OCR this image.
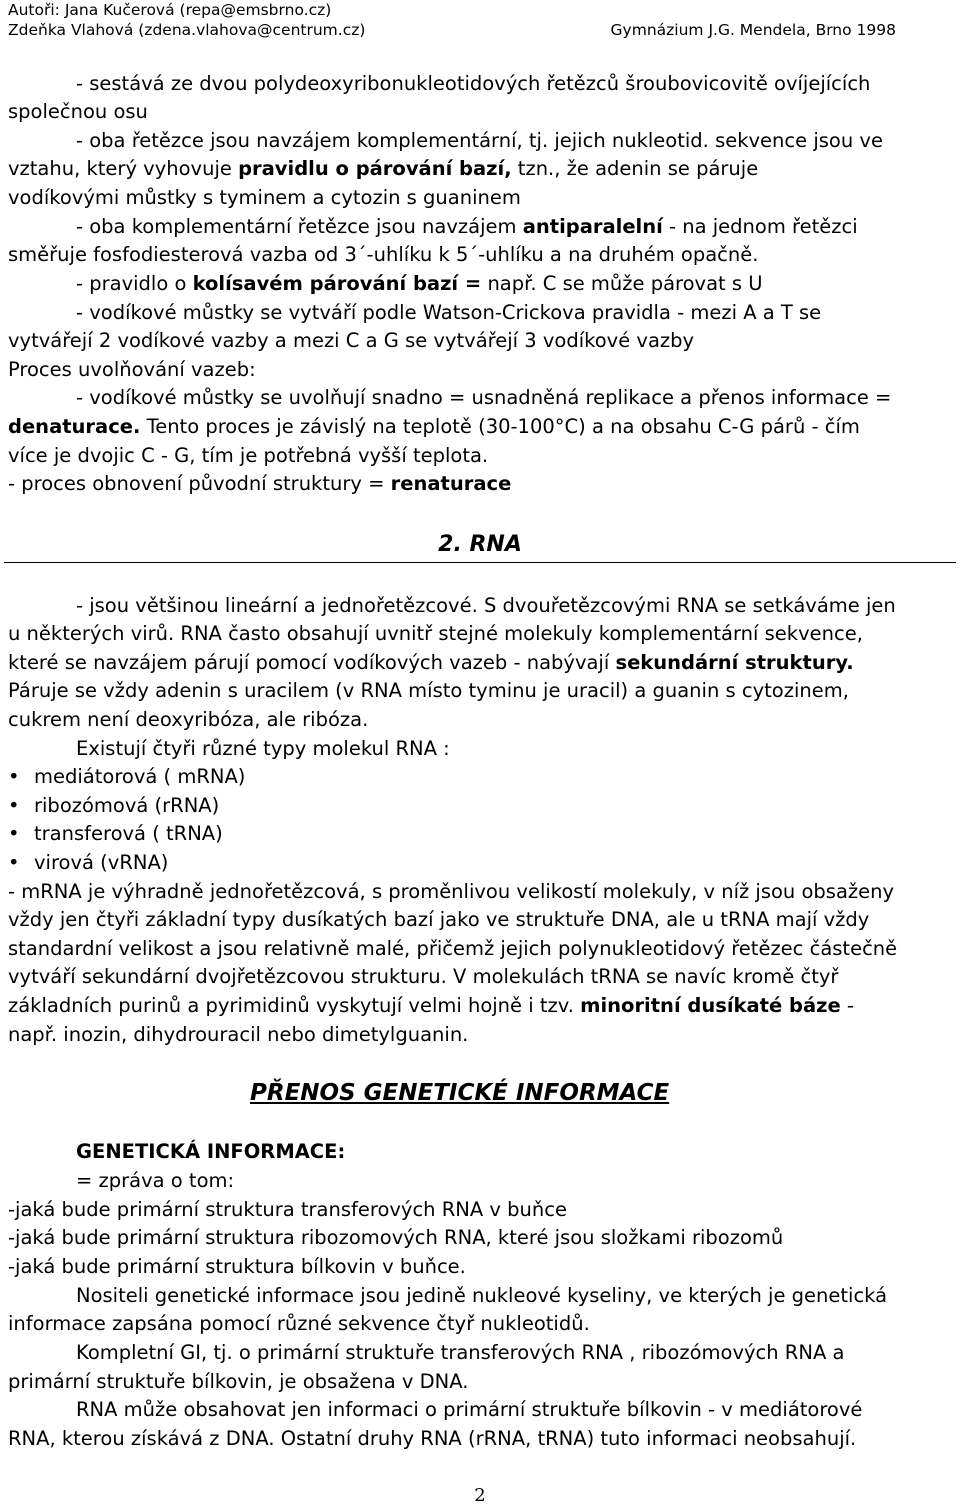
Autoři: Jana Kučerová (repa@emsbrno.cz)
Zdeňka Vlahová (zdena.vlahova@centrum.cz)	Gymnázium J.G. Mendela, Brno 1998
- sestává ze dvou polydeoxyribonukleotidových řetězců šroubovicovitě ovíjejících
společnou osu
- oba řetězce jsou navzájem komplementární, tj. jejich nukleotid. sekvence jsou ve
vztahu, který vyhovuje pravidlu o párování bazí, tzn., že adenin se páruje
vodíkovými můstky s tyminem a cytozin s guaninem
- oba komplementární řetězce jsou navzájem antiparalelní - na jednom řetězci
směřuje fosfodiesterová vazba od 3´-uhlíku k 5´-uhlíku a na druhém opačně.
- pravidlo o kolísavém párování bazí = např. C se může párovat s U
- vodíkové můstky se vytváří podle Watson-Crickova pravidla - mezi A a T se
vytvářejí 2 vodíkové vazby a mezi C a G se vytvářejí 3 vodíkové vazby
Proces uvolňování vazeb:
- vodíkové můstky se uvolňují snadno = usnadněná replikace a přenos informace =
denaturace. Tento proces je závislý na teplotě (30-100°C) a na obsahu C-G párů - čím
více je dvojic C - G, tím je potřebná vyšší teplota.
- proces obnovení původní struktury = renaturace
2. RNA
- jsou většinou lineární a jednořetězcové. S dvouřetězcovými RNA se setkáváme jen
u některých virů. RNA často obsahují uvnitř stejné molekuly komplementární sekvence,
které se navzájem párují pomocí vodíkových vazeb - nabývají sekundární struktury.
Páruje se vždy adenin s uracilem (v RNA místo tyminu je uracil) a guanin s cytozinem,
cukrem není deoxyribóza, ale ribóza.
Existují čtyři různé typy molekul RNA :
• mediátorová ( mRNA)
• ribozómová (rRNA)
• transferová ( tRNA)
• virová (vRNA)
- mRNA je výhradně jednořetězcová, s proměnlivou velikostí molekuly, v níž jsou obsaženy
vždy jen čtyři základní typy dusíkatých bazí jako ve struktuře DNA, ale u tRNA mají vždy
standardní velikost a jsou relativně malé, přičemž jejich polynukleotidový řetězec částečně
vytváří sekundární dvojřetězcovou strukturu. V molekulách tRNA se navíc kromě čtyř
základních purinů a pyrimidinů vyskytují velmi hojně i tzv. minoritní dusíkaté báze -
např. inozin, dihydrouracil nebo dimetylguanin.
PŘENOS GENETICKÉ INFORMACE
GENETICKÁ INFORMACE:
= zpráva o tom:
-jaká bude primární struktura transferových RNA v buňce
-jaká bude primární struktura ribozomových RNA, které jsou složkami ribozomů
-jaká bude primární struktura bílkovin v buňce.
Nositeli genetické informace jsou jedině nukleové kyseliny, ve kterých je genetická
informace zapsána pomocí různé sekvence čtyř nukleotidů.
Kompletní GI, tj. o primární struktuře transferových RNA , ribozómových RNA a
primární struktuře bílkovin, je obsažena v DNA.
RNA může obsahovat jen informaci o primární struktuře bílkovin - v mediátorové
RNA, kterou získává z DNA. Ostatní druhy RNA (rRNA, tRNA) tuto informaci neobsahují.
2
